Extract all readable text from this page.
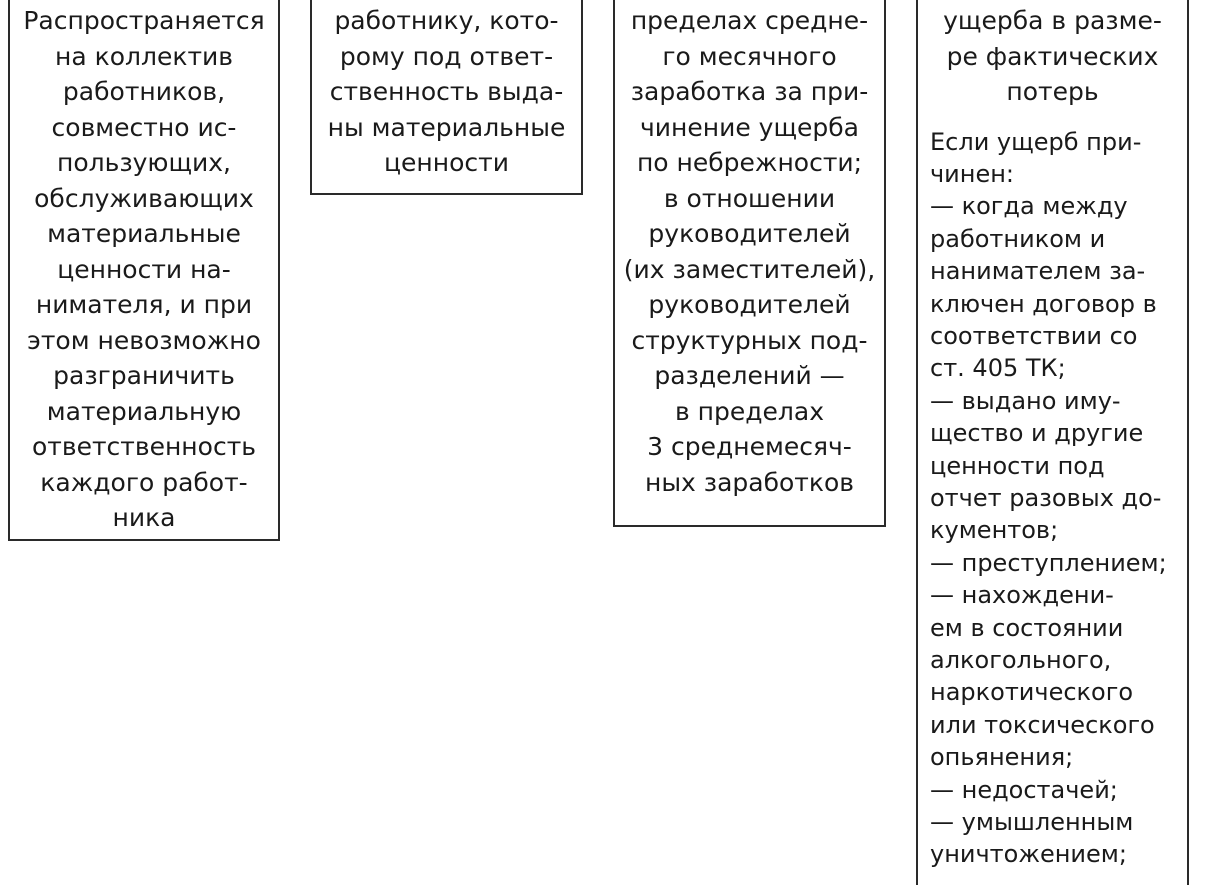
Распространяется
на коллектив
работников,
совместно ис-
пользующих,
обслуживающих
материальные
ценности на-
нимателя, и при
этом невозможно
разграничить
материальную
ответственность
каждого работ-
ника
работнику, кото-
рому под ответ-
ственность выда-
ны материальные
ценности
пределах средне-
го месячного
заработка за при-
чинение ущерба
по небрежности;
в отношении
руководителей
(их заместителей),
руководителей
структурных под-
разделений —
в пределах
3 среднемесяч-
ных заработков
ущерба в разме-
ре фактических
потерь
Если ущерб при-
чинен:
— когда между
работником и
нанимателем за-
ключен договор в
соответствии со
ст. 405 ТК;
— выдано иму-
щество и другие
ценности под
отчет разовых до-
кументов;
— преступлением;
— нахождени-
ем в состоянии
алкогольного,
наркотического
или токсического
опьянения;
— недостачей;
— умышленным
уничтожением;
